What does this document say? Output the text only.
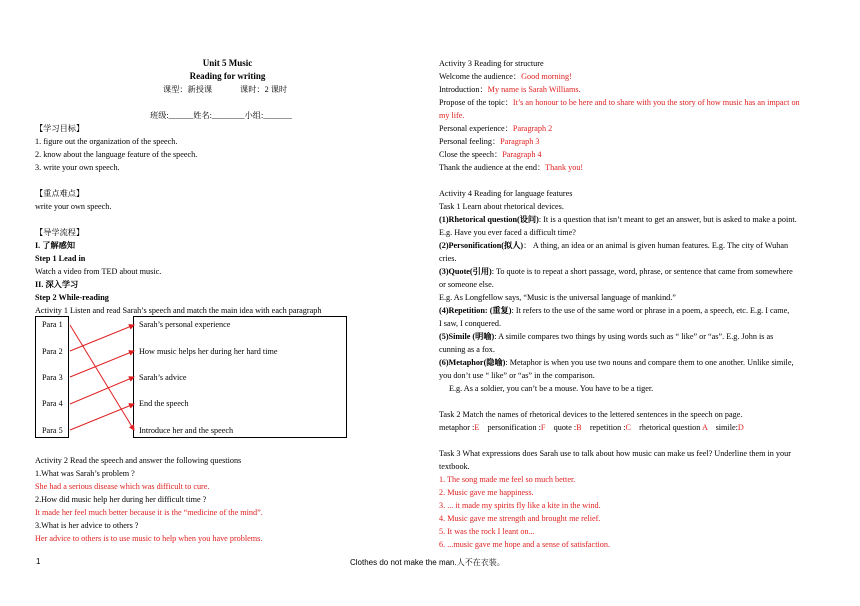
Unit 5 Music
Reading for writing
课型：新授课	课时：2 课时
班级:______姓名:________小组:_______
【学习目标】
1. figure out the organization of the speech.
2. know about the language feature of the speech.
3. write your own speech.
【重点难点】
write your own speech.
【导学流程】
I. 了解感知
Step 1 Lead in
Watch a video from TED about music.
II. 深入学习
Step 2 While-reading
Activity 1 Listen and read Sarah’s speech and match the main idea with each paragraph
Para 1
Para 2
Para 3
Para 4
Para 5
Sarah’s personal experience
How music helps her during her hard time
Sarah’s advice
End the speech
Introduce her and the speech
Activity 2 Read the speech and answer the following questions
1.What was Sarah’s problem ?
She had a serious disease which was difficult to cure.
2.How did music help her during her difficult time ?
It made her feel much better because it is the “medicine of the mind”.
3.What is her advice to others ?
Her advice to others is to use music to help when you have problems.
Activity 3 Reading for structure
Welcome the audience：Good morning!
Introduction：My name is Sarah Williams.
Propose of the topic：It’s an honour to be here and to share with you the story of how music has an impact on
my life.
Personal experience：Paragraph 2
Personal feeling：Paragraph 3
Close the speech：Paragraph 4
Thank the audience at the end：Thank you!
Activity 4 Reading for language features
Task 1 Learn about rhetorical devices.
(1)Rhetorical question(设问): It is a question that isn’t meant to get an answer, but is asked to make a point.
E.g. Have you ever faced a difficult time?
(2)Personification(拟人)： A thing, an idea or an animal is given human features. E.g. The city of Wuhan
cries.
(3)Quote(引用): To quote is to repeat a short passage, word, phrase, or sentence that came from somewhere
or someone else.
E.g. As Longfellow says, “Music is the universal language of mankind.”
(4)Repetition: (重复): It refers to the use of the same word or phrase in a poem, a speech, etc. E.g. I came,
I saw, I conquered.
(5)Simile (明喻): A simile compares two things by using words such as “ like” or “as”. E.g. John is as
cunning as a fox.
(6)Metaphor(隐喻): Metaphor is when you use two nouns and compare them to one another. Unlike simile,
you don’t use “ like” or “as” in the comparison.
E.g. As a soldier, you can’t be a mouse. You have to be a tiger.
Task 2 Match the names of rhetorical devices to the lettered sentences in the speech on page.
metaphor :E personification :F quote :B repetition :C rhetorical question A simile:D
Task 3 What expressions does Sarah use to talk about how music can make us feel? Underline them in your
textbook.
1. The song made me feel so much better.
2. Music gave me happiness.
3. ... it made my spirits fly like a kite in the wind.
4. Music gave me strength and brought me relief.
5. It was the rock I leant on...
6. ...music gave me hope and a sense of satisfaction.
1	Clothes do not make the man.人不在衣装。
